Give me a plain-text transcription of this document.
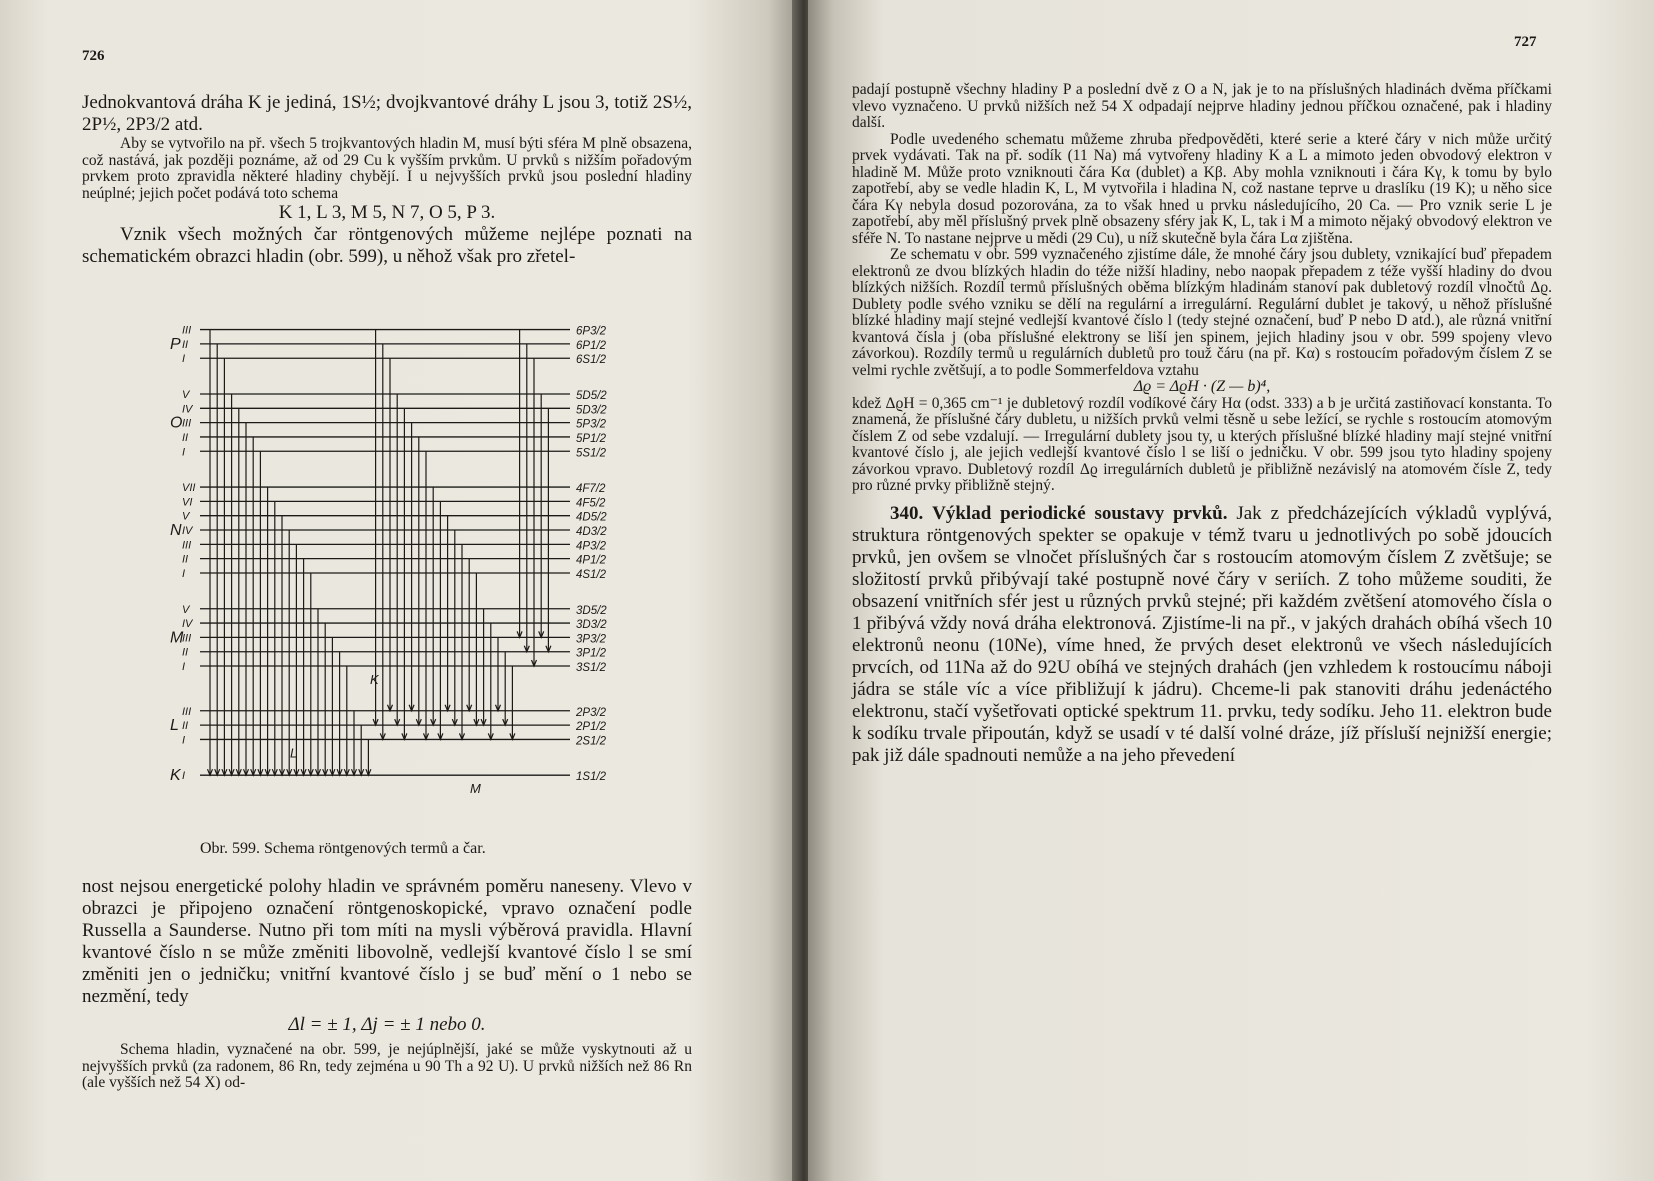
726

Jednokvantová dráha K je jediná, 1S½; dvojkvantové dráhy L jsou 3, totiž 2S½, 2P½, 2P3/2 atd.

Aby se vytvořilo na př. všech 5 trojkvantových hladin M, musí býti sféra M plně obsazena, což nastává, jak později poznáme, až od 29 Cu k vyšším prvkům. U prvků s nižším pořadovým prvkem proto zpravidla některé hladiny chybějí. I u nejvyšších prvků jsou poslední hladiny neúplné; jejich počet podává toto schema

K 1, L 3, M 5, N 7, O 5, P 3.

Vznik všech možných čar röntgenových můžeme nejlépe poznati na schematickém obrazci hladin (obr. 599), u něhož však pro zřetel-

P
III	6P3/2
II	6P1/2
I	6S1/2
O
V	5D5/2
IV	5D3/2
III	5P3/2
II	5P1/2
I	5S1/2
N
VII	4F7/2
VI	4F5/2
V	4D5/2
IV	4D3/2
III	4P3/2
II	4P1/2
I	4S1/2
M
V	3D5/2
IV	3D3/2
III	3P3/2
II	3P1/2
I	3S1/2
L
III	2P3/2
II	2P1/2
I	2S1/2
K I	1S1/2
M
L
K
Obr. 599. Schema röntgenových termů a čar.

nost nejsou energetické polohy hladin ve správném poměru naneseny. Vlevo v obrazci je připojeno označení röntgenoskopické, vpravo označení podle Russella a Saunderse. Nutno při tom míti na mysli výběrová pravidla. Hlavní kvantové číslo n se může změniti libovolně, vedlejší kvantové číslo l se smí změniti jen o jedničku; vnitřní kvantové číslo j se buď mění o 1 nebo se nezmění, tedy

Δl = ± 1, Δj = ± 1 nebo 0.

Schema hladin, vyznačené na obr. 599, je nejúplnější, jaké se může vyskytnouti až u nejvyšších prvků (za radonem, 86 Rn, tedy zejména u 90 Th a 92 U). U prvků nižších než 86 Rn (ale vyšších než 54 X) od-

727

padají postupně všechny hladiny P a poslední dvě z O a N, jak je to na příslušných hladinách dvěma příčkami vlevo vyznačeno. U prvků nižších než 54 X odpadají nejprve hladiny jednou příčkou označené, pak i hladiny další.

Podle uvedeného schematu můžeme zhruba předpověděti, které serie a které čáry v nich může určitý prvek vydávati. Tak na př. sodík (11 Na) má vytvořeny hladiny K a L a mimoto jeden obvodový elektron v hladině M. Může proto vzniknouti čára Kα (dublet) a Kβ. Aby mohla vzniknouti i čára Kγ, k tomu by bylo zapotřebí, aby se vedle hladin K, L, M vytvořila i hladina N, což nastane teprve u draslíku (19 K); u něho sice čára Kγ nebyla dosud pozorována, za to však hned u prvku následujícího, 20 Ca. — Pro vznik serie L je zapotřebí, aby měl příslušný prvek plně obsazeny sféry jak K, L, tak i M a mimoto nějaký obvodový elektron ve sféře N. To nastane nejprve u mědi (29 Cu), u níž skutečně byla čára Lα zjištěna.

Ze schematu v obr. 599 vyznačeného zjistíme dále, že mnohé čáry jsou dublety, vznikající buď přepadem elektronů ze dvou blízkých hladin do téže nižší hladiny, nebo naopak přepadem z téže vyšší hladiny do dvou blízkých nižších. Rozdíl termů příslušných oběma blízkým hladinám stanoví pak dubletový rozdíl vlnočtů Δϱ. Dublety podle svého vzniku se dělí na regulární a irregulární. Regulární dublet je takový, u něhož příslušné blízké hladiny mají stejné vedlejší kvantové číslo l (tedy stejné označení, buď P nebo D atd.), ale různá vnitřní kvantová čísla j (oba příslušné elektrony se liší jen spinem, jejich hladiny jsou v obr. 599 spojeny vlevo závorkou). Rozdíly termů u regulárních dubletů pro touž čáru (na př. Kα) s rostoucím pořadovým číslem Z se velmi rychle zvětšují, a to podle Sommerfeldova vztahu

Δϱ = ΔϱH · (Z — b)⁴,

kdež ΔϱH = 0,365 cm⁻¹ je dubletový rozdíl vodíkové čáry Hα (odst. 333) a b je určitá zastiňovací konstanta. To znamená, že příslušné čáry dubletu, u nižších prvků velmi těsně u sebe ležící, se rychle s rostoucím atomovým číslem Z od sebe vzdalují. — Irregulární dublety jsou ty, u kterých příslušné blízké hladiny mají stejné vnitřní kvantové číslo j, ale jejich vedlejší kvantové číslo l se liší o jedničku. V obr. 599 jsou tyto hladiny spojeny závorkou vpravo. Dubletový rozdíl Δϱ irregulárních dubletů je přibližně nezávislý na atomovém čísle Z, tedy pro různé prvky přibližně stejný.

340. Výklad periodické soustavy prvků. Jak z předcházejících výkladů vyplývá, struktura röntgenových spekter se opakuje v témž tvaru u jednotlivých po sobě jdoucích prvků, jen ovšem se vlnočet příslušných čar s rostoucím atomovým číslem Z zvětšuje; se složitostí prvků přibývají také postupně nové čáry v seriích. Z toho můžeme souditi, že obsazení vnitřních sfér jest u různých prvků stejné; při každém zvětšení atomového čísla o 1 přibývá vždy nová dráha elektronová. Zjistíme-li na př., v jakých drahách obíhá všech 10 elektronů neonu (10Ne), víme hned, že prvých deset elektronů ve všech následujících prvcích, od 11Na až do 92U obíhá ve stejných drahách (jen vzhledem k rostoucímu náboji jádra se stále víc a více přibližují k jádru). Chceme-li pak stanoviti dráhu jedenáctého elektronu, stačí vyšetřovati optické spektrum 11. prvku, tedy sodíku. Jeho 11. elektron bude k sodíku trvale připoután, když se usadí v té další volné dráze, jíž přísluší nejnižší energie; pak již dále spadnouti nemůže a na jeho převedení
